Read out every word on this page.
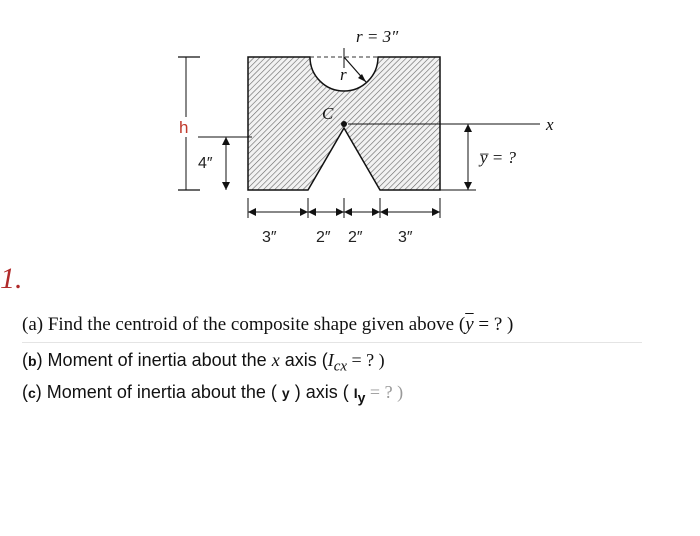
r = 3″
r
C
x
h
4″	y̅ = ?
3″ 2″ 2″ 3″
1.
(a) Find the centroid of the composite shape given above ($\overline{y}$ = ? )
(b) Moment of inertia about the x axis ($I_{cx}$ = ? )
(c) Moment of inertia about the ( y ) axis ( $I_y$ = ? )
